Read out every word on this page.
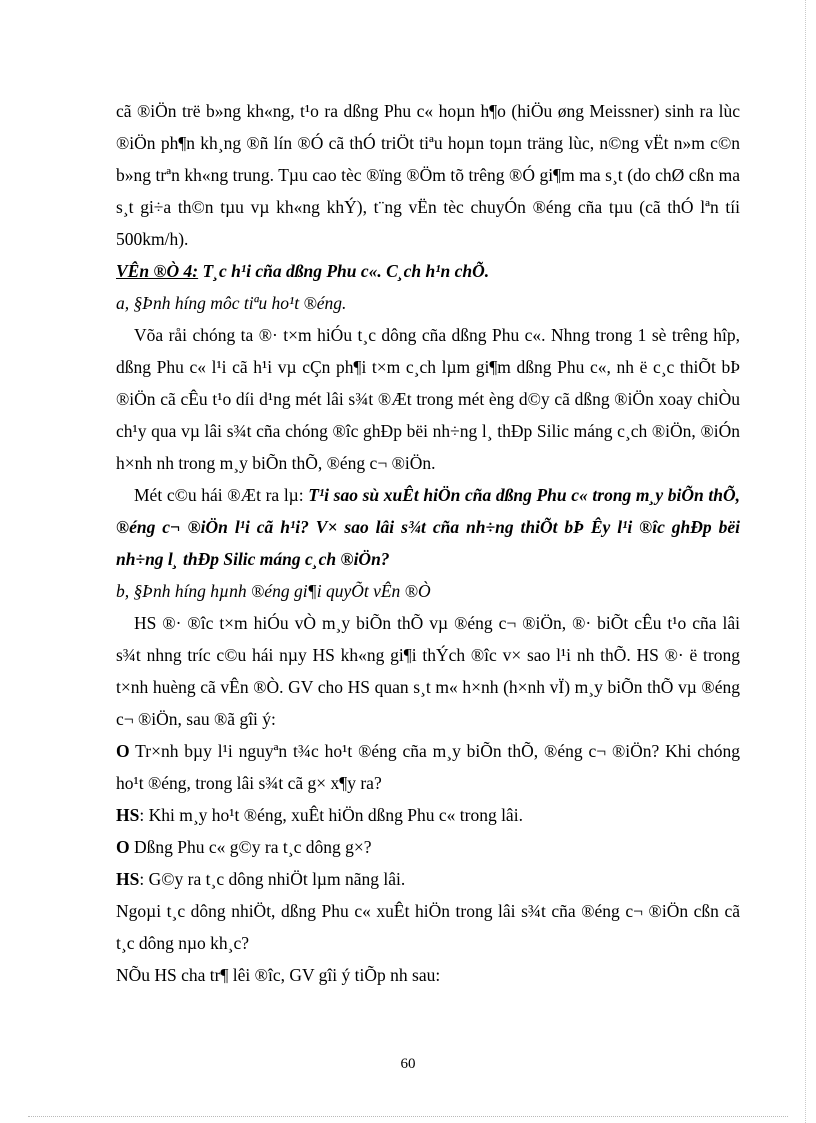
cã ®iÖn trë b»ng kh«ng, t¹o ra dßng Phu c« hoµn h¶o (hiÖu øng Meissner) sinh ra lùc ®iÖn ph¶n kh¸ng ®ñ lín ®Ó cã thÓ triÖt tiªu hoµn toµn träng lùc, n©ng vËt n»m c©n b»ng trªn kh«ng trung. Tµu cao tèc ®ïng ®Öm tõ trêng ®Ó gi¶m ma s¸t (do chØ cßn ma s¸t gi÷a th©n tµu vµ kh«ng khÝ), t¨ng vËn tèc chuyÓn ®éng cña tµu (cã thÓ lªn tíi 500km/h).

VÊn ®Ò 4: T¸c h¹i cña dßng Phu c«. C¸ch h¹n chÕ.

a, §Þnh híng môc tiªu ho¹t ®éng.

Võa råi chóng ta ®· t×m hiÓu t¸c dông cña dßng Phu c«. Nhng trong 1 sè trêng hîp, dßng Phu c« l¹i cã h¹i vµ cÇn ph¶i t×m c¸ch lµm gi¶m dßng Phu c«, nh ë c¸c thiÕt bÞ ®iÖn cã cÊu t¹o díi d¹ng mét lâi s¾t ®Æt trong mét èng d©y cã dßng ®iÖn xoay chiÒu ch¹y qua vµ lâi s¾t cña chóng ®îc ghÐp bëi nh÷ng l¸ thÐp Silic máng c¸ch ®iÖn, ®iÓn h×nh nh trong m¸y biÕn thÕ, ®éng c¬ ®iÖn.

Mét c©u hái ®Æt ra lµ: T¹i sao sù xuÊt hiÖn cña dßng Phu c« trong m¸y biÕn thÕ, ®éng c¬ ®iÖn l¹i cã h¹i? V× sao lâi s¾t cña nh÷ng thiÕt bÞ Êy l¹i ®îc ghÐp bëi nh÷ng l¸ thÐp Silic máng c¸ch ®iÖn?

b, §Þnh híng hµnh ®éng gi¶i quyÕt vÊn ®Ò

HS ®· ®îc t×m hiÓu vÒ m¸y biÕn thÕ vµ ®éng c¬ ®iÖn, ®· biÕt cÊu t¹o cña lâi s¾t nhng tríc c©u hái nµy HS kh«ng gi¶i thÝch ®îc v× sao l¹i nh thÕ. HS ®· ë trong t×nh huèng cã vÊn ®Ò. GV cho HS quan s¸t m« h×nh (h×nh vÏ) m¸y biÕn thÕ vµ ®éng c¬ ®iÖn, sau ®ã gîi ý:

O Tr×nh bµy l¹i nguyªn t¾c ho¹t ®éng cña m¸y biÕn thÕ, ®éng c¬ ®iÖn? Khi chóng ho¹t ®éng, trong lâi s¾t cã g× x¶y ra?

HS: Khi m¸y ho¹t ®éng, xuÊt hiÖn dßng Phu c« trong lâi.

O Dßng Phu c« g©y ra t¸c dông g×?

HS: G©y ra t¸c dông nhiÖt lµm nãng lâi.

Ngoµi t¸c dông nhiÖt, dßng Phu c« xuÊt hiÖn trong lâi s¾t cña ®éng c¬ ®iÖn cßn cã t¸c dông nµo kh¸c?

NÕu HS cha tr¶ lêi ®îc, GV gîi ý tiÕp nh sau:

60
